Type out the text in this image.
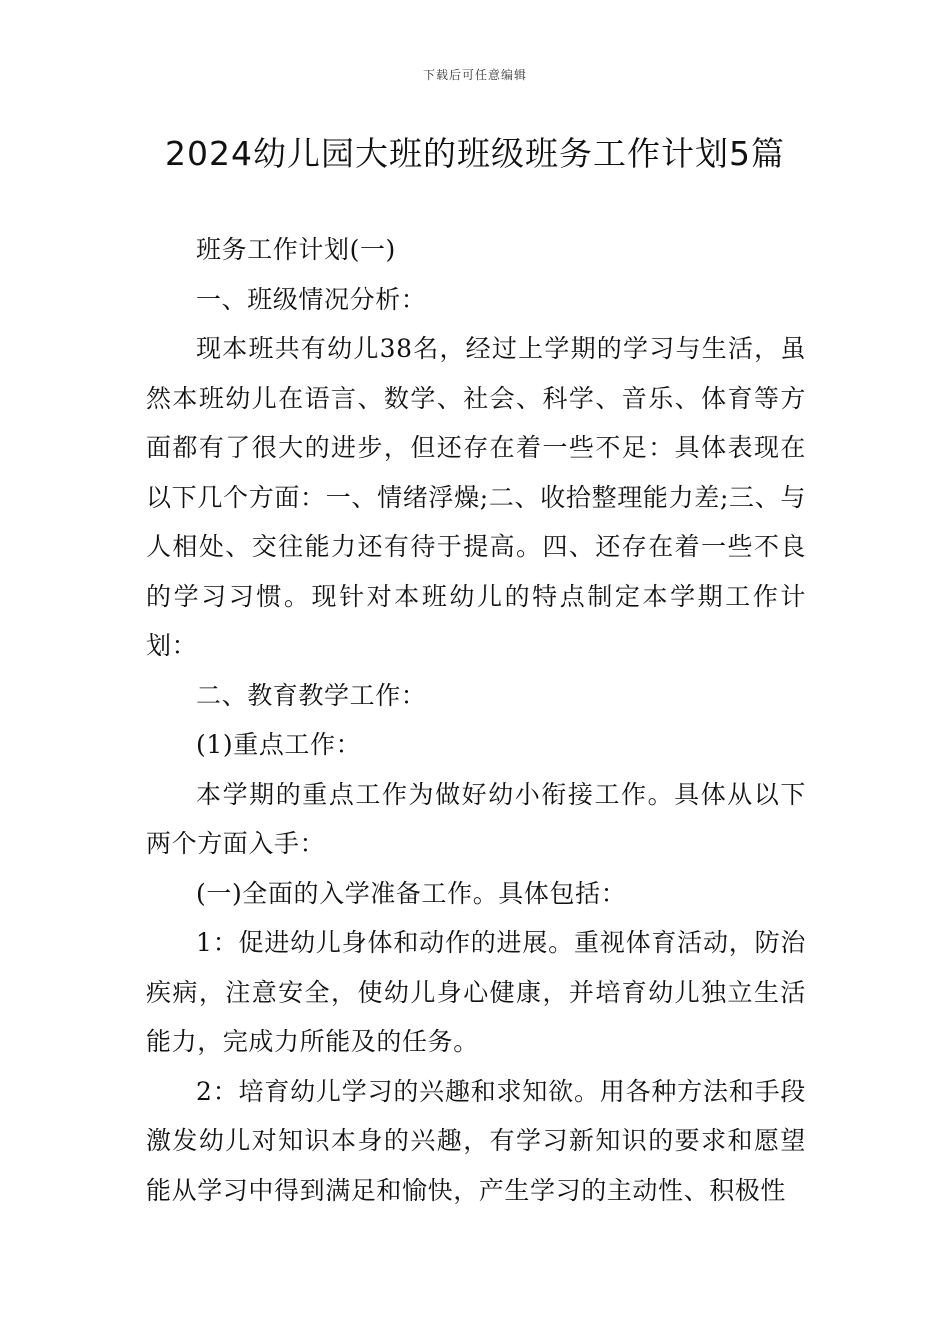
下载后可任意编辑
2024幼儿园大班的班级班务工作计划5篇

班务工作计划(一)

一、班级情况分析：

现本班共有幼儿38名，经过上学期的学习与生活，虽然本班幼儿在语言、数学、社会、科学、音乐、体育等方面都有了很大的进步，但还存在着一些不足：具体表现在以下几个方面：一、情绪浮燥;二、收拾整理能力差;三、与人相处、交往能力还有待于提高。四、还存在着一些不良的学习习惯。现针对本班幼儿的特点制定本学期工作计划：

二、教育教学工作：

(1)重点工作：

本学期的重点工作为做好幼小衔接工作。具体从以下两个方面入手：

(一)全面的入学准备工作。具体包括：

1：促进幼儿身体和动作的进展。重视体育活动，防治疾病，注意安全，使幼儿身心健康，并培育幼儿独立生活能力，完成力所能及的任务。

2：培育幼儿学习的兴趣和求知欲。用各种方法和手段激发幼儿对知识本身的兴趣，有学习新知识的要求和愿望能从学习中得到满足和愉快，产生学习的主动性、积极性
